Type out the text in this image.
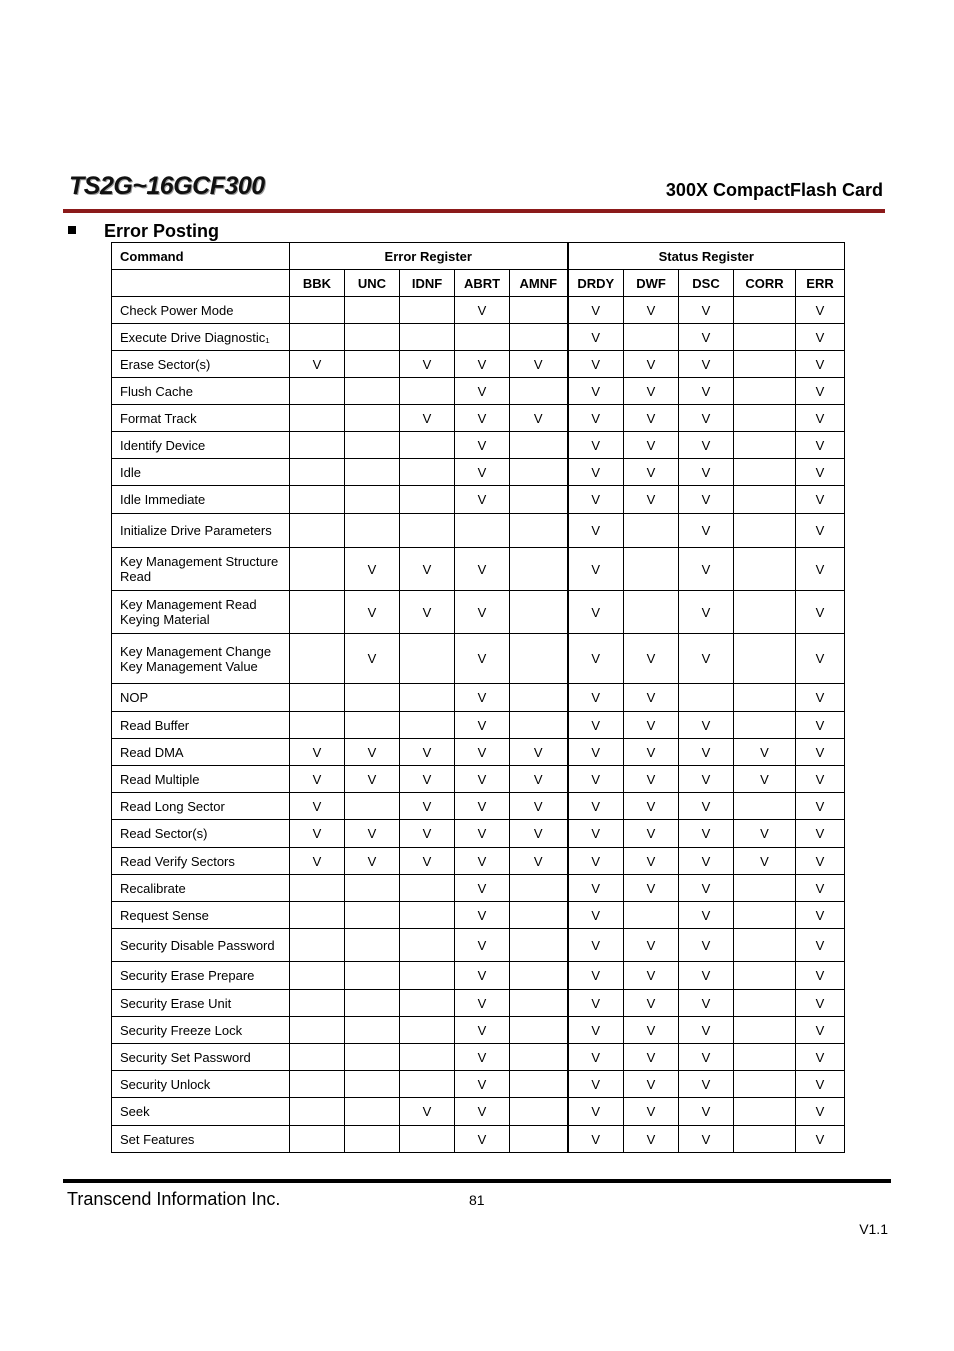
TS2G~16GCF300	300X CompactFlash Card
Error Posting
Command	Error Register					Status Register				
	BBK	UNC	IDNF	ABRT	AMNF	DRDY	DWF	DSC	CORR	ERR
Check Power Mode				V		V	V	V		V
Execute Drive Diagnostic₁						V		V		V
Erase Sector(s)	V		V	V	V	V	V	V		V
Flush Cache				V		V	V	V		V
Format Track			V	V	V	V	V	V		V
Identify Device				V		V	V	V		V
Idle				V		V	V	V		V
Idle Immediate				V		V	V	V		V
Initialize Drive Parameters						V		V		V
Key Management Structure Read		V	V	V		V		V		V
Key Management Read Keying Material		V	V	V		V		V		V
Key Management Change Key Management Value		V		V		V	V	V		V
NOP				V		V	V			V
Read Buffer				V		V	V	V		V
Read DMA	V	V	V	V	V	V	V	V	V	V
Read Multiple	V	V	V	V	V	V	V	V	V	V
Read Long Sector	V		V	V	V	V	V	V		V
Read Sector(s)	V	V	V	V	V	V	V	V	V	V
Read Verify Sectors	V	V	V	V	V	V	V	V	V	V
Recalibrate				V		V	V	V		V
Request Sense				V		V		V		V
Security Disable Password				V		V	V	V		V
Security Erase Prepare				V		V	V	V		V
Security Erase Unit				V		V	V	V		V
Security Freeze Lock				V		V	V	V		V
Security Set Password				V		V	V	V		V
Security Unlock				V		V	V	V		V
Seek			V	V		V	V	V		V
Set Features				V		V	V	V		V
Transcend Information Inc.	81
V1.1
